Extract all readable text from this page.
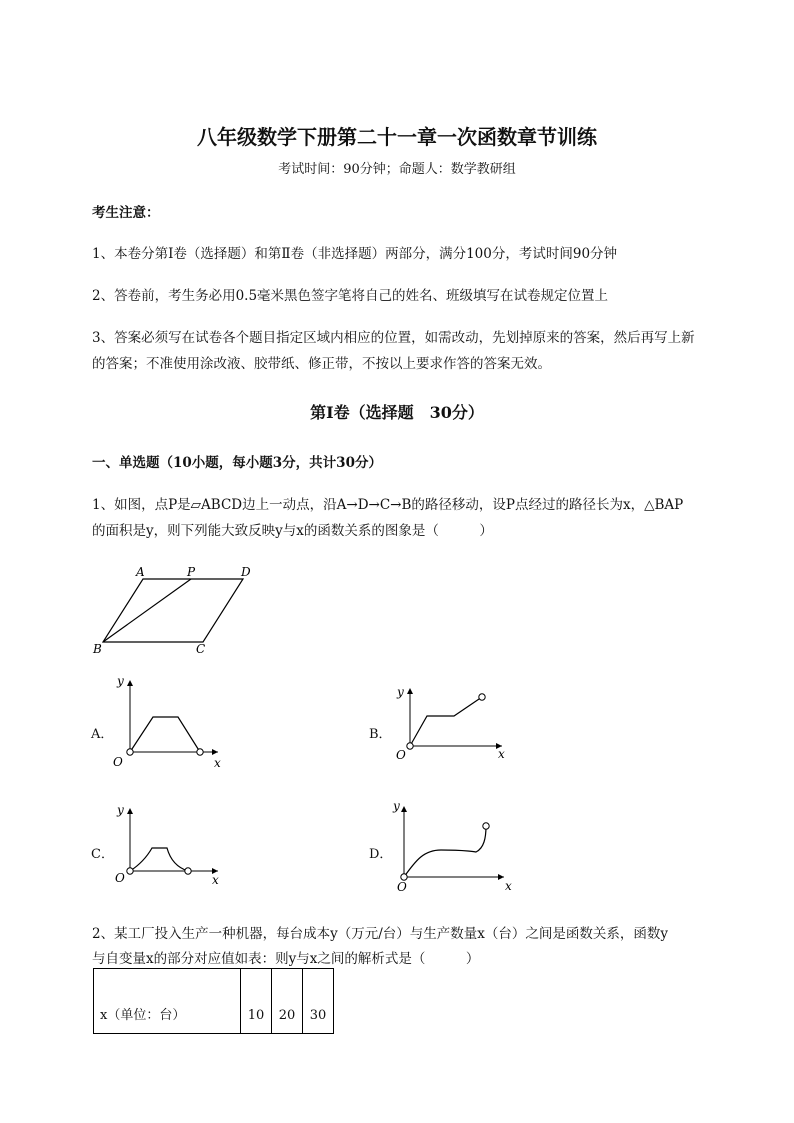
八年级数学下册第二十一章一次函数章节训练
考试时间：90分钟；命题人：数学教研组
考生注意：
1、本卷分第I卷（选择题）和第Ⅱ卷（非选择题）两部分，满分100分，考试时间90分钟
2、答卷前，考生务必用0.5毫米黑色签字笔将自己的姓名、班级填写在试卷规定位置上
3、答案必须写在试卷各个题目指定区域内相应的位置，如需改动，先划掉原来的答案，然后再写上新
的答案；不准使用涂改液、胶带纸、修正带，不按以上要求作答的答案无效。
第I卷（选择题　30分）
一、单选题（10小题，每小题3分，共计30分）
1、如图，点P是▱ABCD边上一动点，沿A→D→C→B的路径移动，设P点经过的路径长为x，△BAP
的面积是y，则下列能大致反映y与x的函数关系的图象是（　　　）
A	P	D
B	C
A．
y
x
O
B．
y
x
O
C．
y
x
O
D．
y
x
O
2、某工厂投入生产一种机器，每台成本y（万元/台）与生产数量x（台）之间是函数关系，函数y
与自变量x的部分对应值如表：则y与x之间的解析式是（　　　）
x（单位：台）	10	20	30
